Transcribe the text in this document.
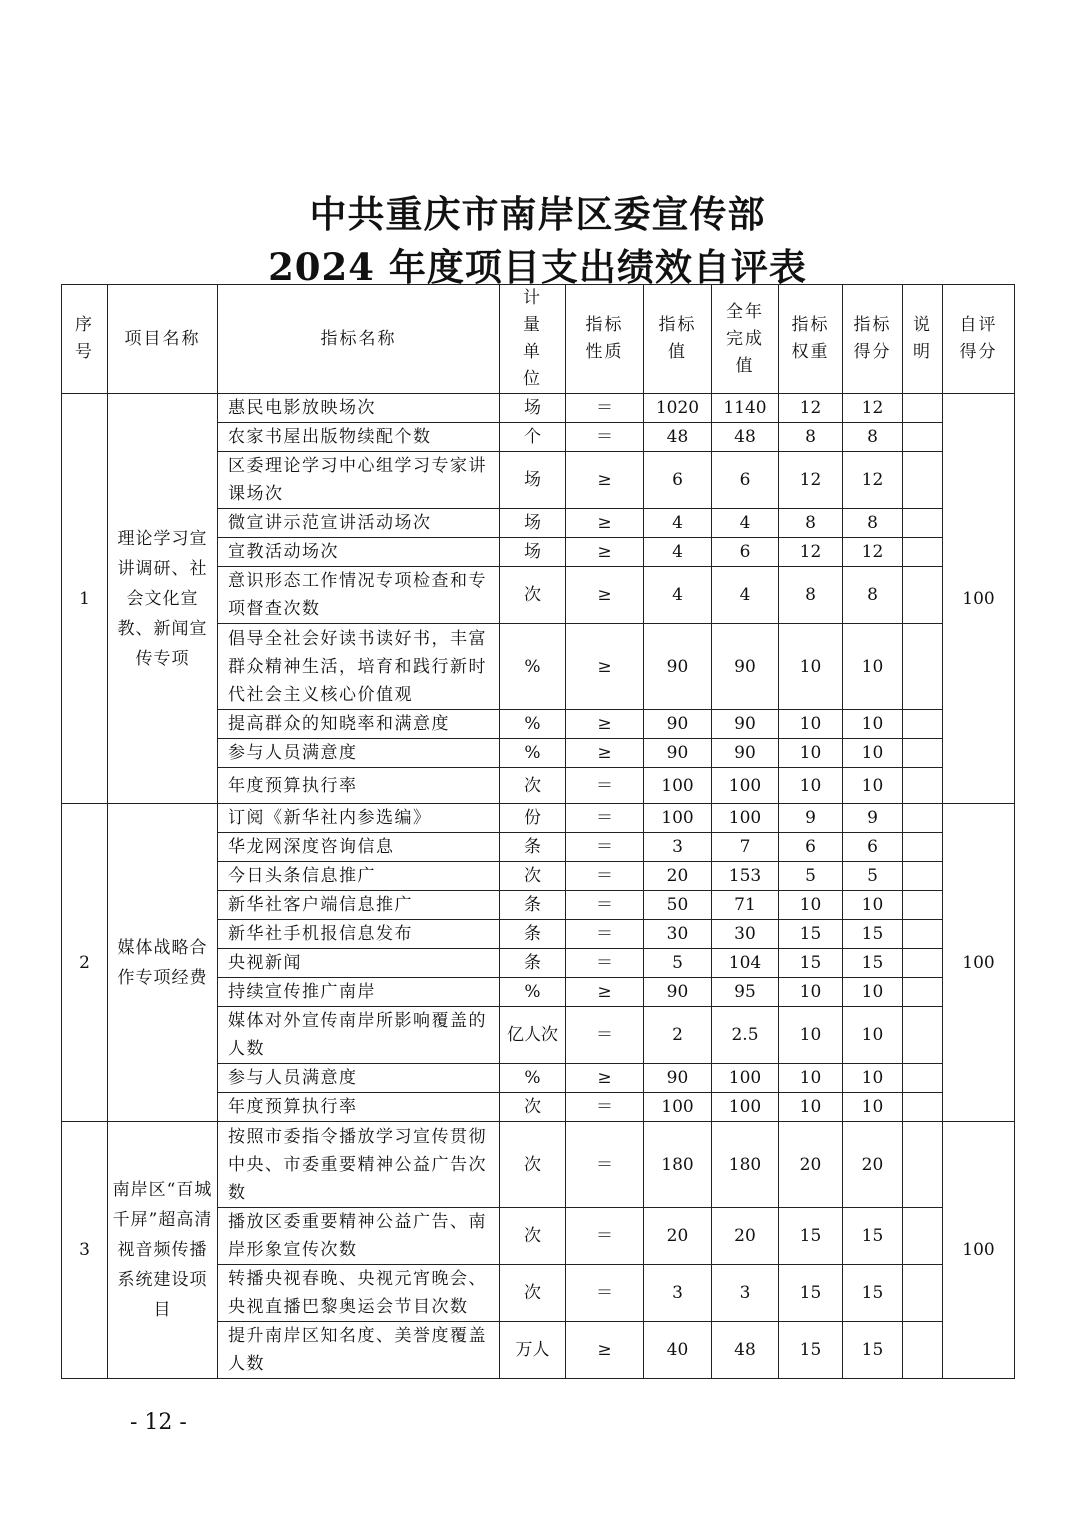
中共重庆市南岸区委宣传部
2024 年度项目支出绩效自评表
序号	项目名称	指标名称	计量单位	指标性质	指标值	全年完成值	指标权重	指标得分	说明	自评得分
1	理论学习宣讲调研、社会文化宣教、新闻宣传专项	惠民电影放映场次	场	＝	1020	1140	12	12		100
		农家书屋出版物续配个数	个	＝	48	48	8	8		
		区委理论学习中心组学习专家讲课场次	场	≥	6	6	12	12		
		微宣讲示范宣讲活动场次	场	≥	4	4	8	8		
		宣教活动场次	场	≥	4	6	12	12		
		意识形态工作情况专项检查和专项督查次数	次	≥	4	4	8	8		
		倡导全社会好读书读好书，丰富群众精神生活，培育和践行新时代社会主义核心价值观	%	≥	90	90	10	10		
		提高群众的知晓率和满意度	%	≥	90	90	10	10		
		参与人员满意度	%	≥	90	90	10	10		
		年度预算执行率	次	＝	100	100	10	10		
2	媒体战略合作专项经费	订阅《新华社内参选编》	份	＝	100	100	9	9		100
		华龙网深度咨询信息	条	＝	3	7	6	6		
		今日头条信息推广	次	＝	20	153	5	5		
		新华社客户端信息推广	条	＝	50	71	10	10		
		新华社手机报信息发布	条	＝	30	30	15	15		
		央视新闻	条	＝	5	104	15	15		
		持续宣传推广南岸	%	≥	90	95	10	10		
		媒体对外宣传南岸所影响覆盖的人数	亿人次	＝	2	2.5	10	10		
		参与人员满意度	%	≥	90	100	10	10		
		年度预算执行率	次	＝	100	100	10	10		
3	南岸区“百城千屏”超高清视音频传播系统建设项目	按照市委指令播放学习宣传贯彻中央、市委重要精神公益广告次数	次	＝	180	180	20	20		100
		播放区委重要精神公益广告、南岸形象宣传次数	次	＝	20	20	15	15		
		转播央视春晚、央视元宵晚会、央视直播巴黎奥运会节目次数	次	＝	3	3	15	15		
		提升南岸区知名度、美誉度覆盖人数	万人	≥	40	48	15	15		
- 12 -
